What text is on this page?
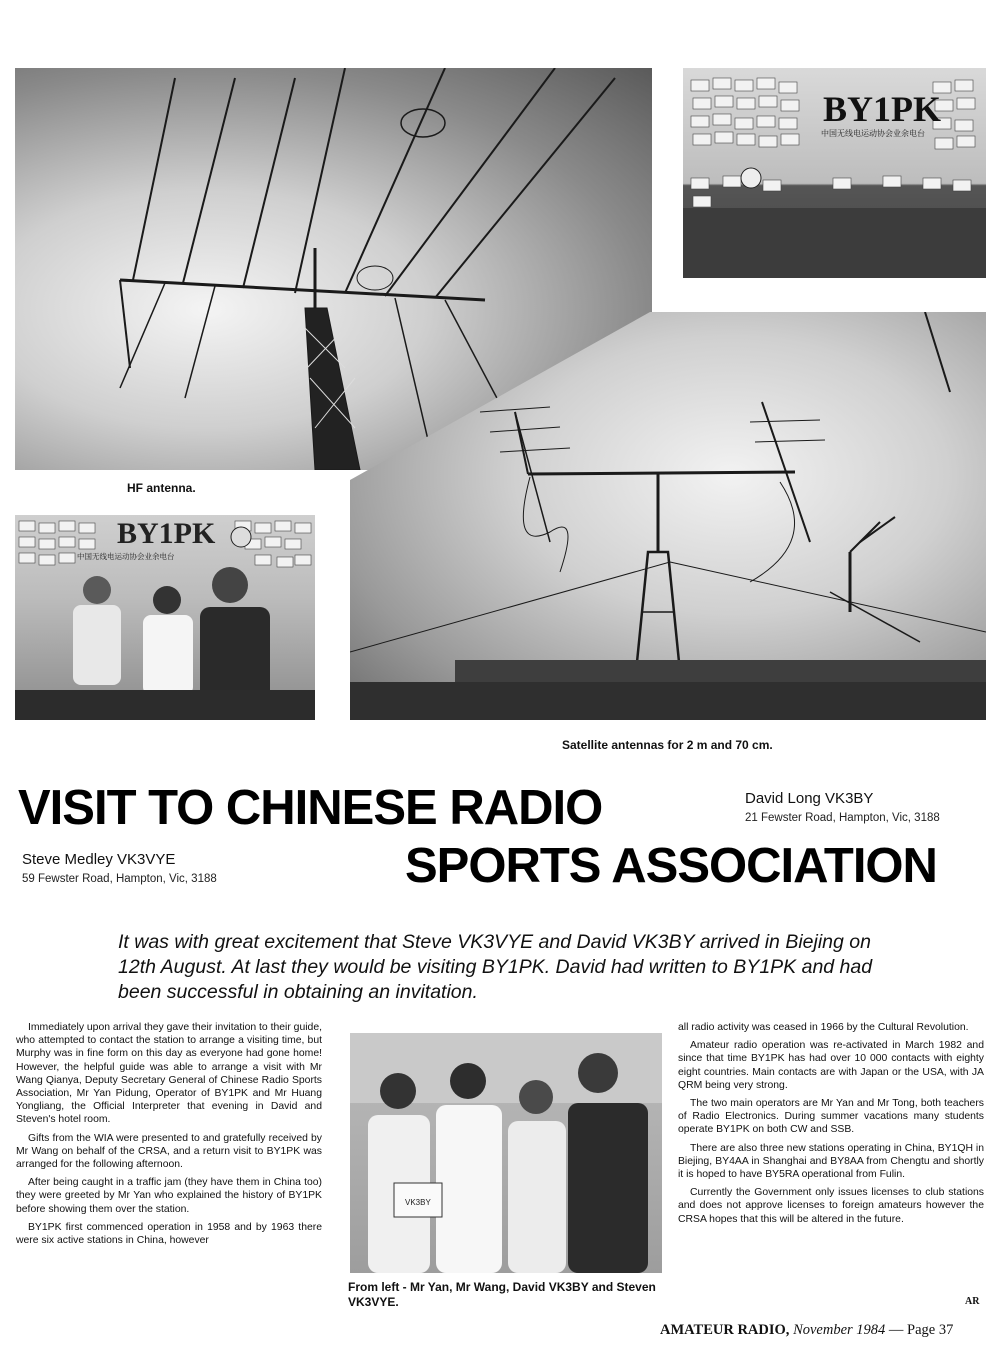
HF antenna.
BY1PK
中国无线电运动协会业余电台
BY1PK
中国无线电运动协会业余电台
Satellite antennas for 2 m and 70 cm.
VISIT TO CHINESE RADIO
SPORTS ASSOCIATION
David Long VK3BY
21 Fewster Road, Hampton, Vic, 3188
Steve Medley VK3VYE
59 Fewster Road, Hampton, Vic, 3188
It was with great excitement that Steve VK3VYE and David VK3BY arrived in Biejing on 12th August. At last they would be visiting BY1PK. David had written to BY1PK and had been successful in obtaining an invitation.

Immediately upon arrival they gave their invitation to their guide, who attempted to contact the station to arrange a visiting time, but Murphy was in fine form on this day as everyone had gone home! However, the helpful guide was able to arrange a visit with Mr Wang Qianya, Deputy Secretary General of Chinese Radio Sports Association, Mr Yan Pidung, Operator of BY1PK and Mr Huang Yongliang, the Official Interpreter that evening in David and Steven's hotel room.

Gifts from the WIA were presented to and gratefully received by Mr Wang on behalf of the CRSA, and a return visit to BY1PK was arranged for the following afternoon.

After being caught in a traffic jam (they have them in China too) they were greeted by Mr Yan who explained the history of BY1PK before showing them over the station.

BY1PK first commenced operation in 1958 and by 1963 there were six active stations in China, however

VK3BY
From left - Mr Yan, Mr Wang, David VK3BY and Steven VK3VYE.

all radio activity was ceased in 1966 by the Cultural Revolution.

Amateur radio operation was re-activated in March 1982 and since that time BY1PK has had over 10 000 contacts with eighty eight countries. Main contacts are with Japan or the USA, with JA QRM being very strong.

The two main operators are Mr Yan and Mr Tong, both teachers of Radio Electronics. During summer vacations many students operate BY1PK on both CW and SSB.

There are also three new stations operating in China, BY1QH in Biejing, BY4AA in Shanghai and BY8AA from Chengtu and shortly it is hoped to have BY5RA operational from Fulin.

Currently the Government only issues licenses to club stations and does not approve licenses to foreign amateurs however the CRSA hopes that this will be altered in the future.

AR
AMATEUR RADIO, November 1984 — Page 37
